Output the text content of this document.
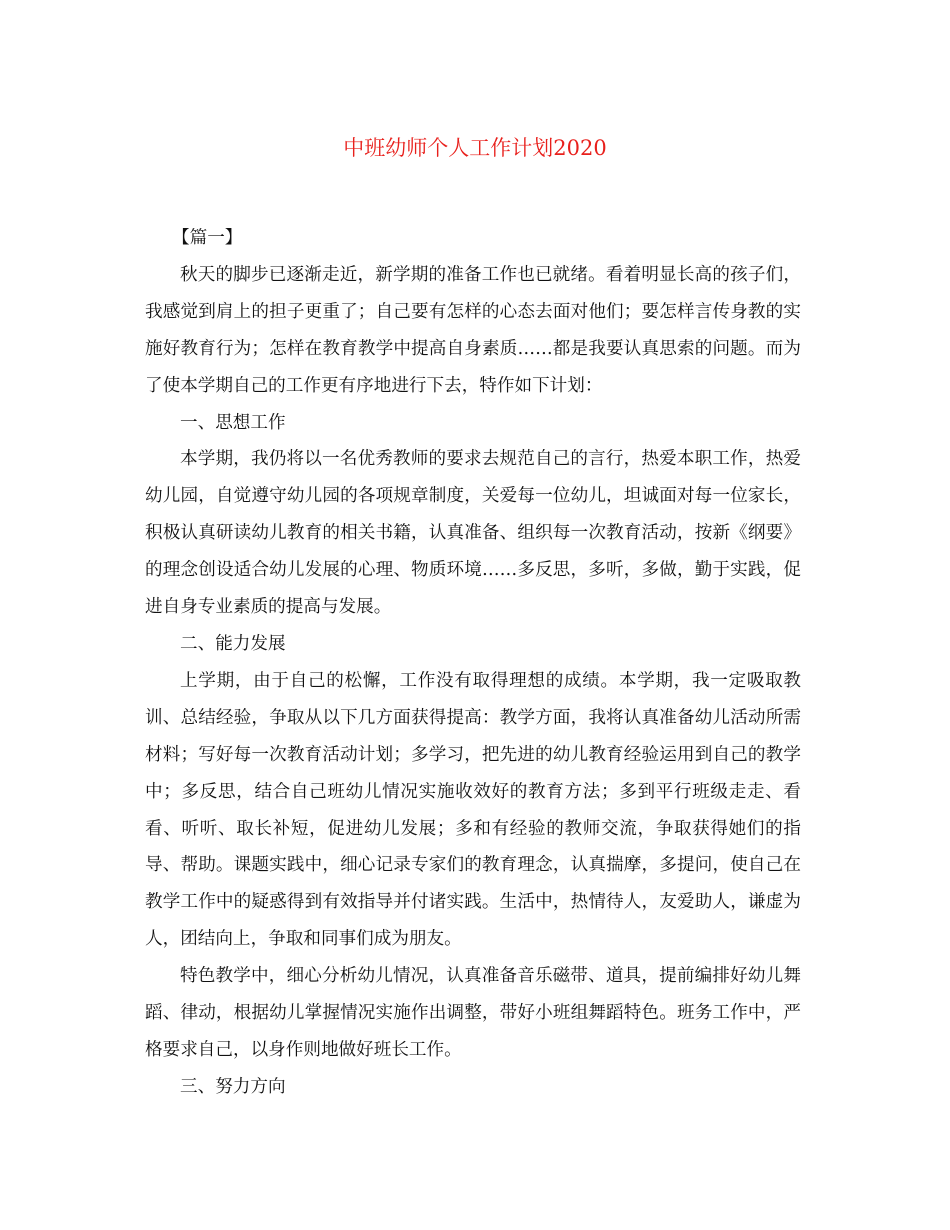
中班幼师个人工作计划2020

【篇一】

秋天的脚步已逐渐走近，新学期的准备工作也已就绪。看着明显长高的孩子们，我感觉到肩上的担子更重了；自己要有怎样的心态去面对他们；要怎样言传身教的实施好教育行为；怎样在教育教学中提高自身素质……都是我要认真思索的问题。而为了使本学期自己的工作更有序地进行下去，特作如下计划：

一、思想工作

本学期，我仍将以一名优秀教师的要求去规范自己的言行，热爱本职工作，热爱幼儿园，自觉遵守幼儿园的各项规章制度，关爱每一位幼儿，坦诚面对每一位家长，积极认真研读幼儿教育的相关书籍，认真准备、组织每一次教育活动，按新《纲要》的理念创设适合幼儿发展的心理、物质环境……多反思，多听，多做，勤于实践，促进自身专业素质的提高与发展。

二、能力发展

上学期，由于自己的松懈，工作没有取得理想的成绩。本学期，我一定吸取教训、总结经验，争取从以下几方面获得提高：教学方面，我将认真准备幼儿活动所需材料；写好每一次教育活动计划；多学习，把先进的幼儿教育经验运用到自己的教学中；多反思，结合自己班幼儿情况实施收效好的教育方法；多到平行班级走走、看看、听听、取长补短，促进幼儿发展；多和有经验的教师交流，争取获得她们的指导、帮助。课题实践中，细心记录专家们的教育理念，认真揣摩，多提问，使自己在教学工作中的疑惑得到有效指导并付诸实践。生活中，热情待人，友爱助人，谦虚为人，团结向上，争取和同事们成为朋友。

特色教学中，细心分析幼儿情况，认真准备音乐磁带、道具，提前编排好幼儿舞蹈、律动，根据幼儿掌握情况实施作出调整，带好小班组舞蹈特色。班务工作中，严格要求自己，以身作则地做好班长工作。

三、努力方向
